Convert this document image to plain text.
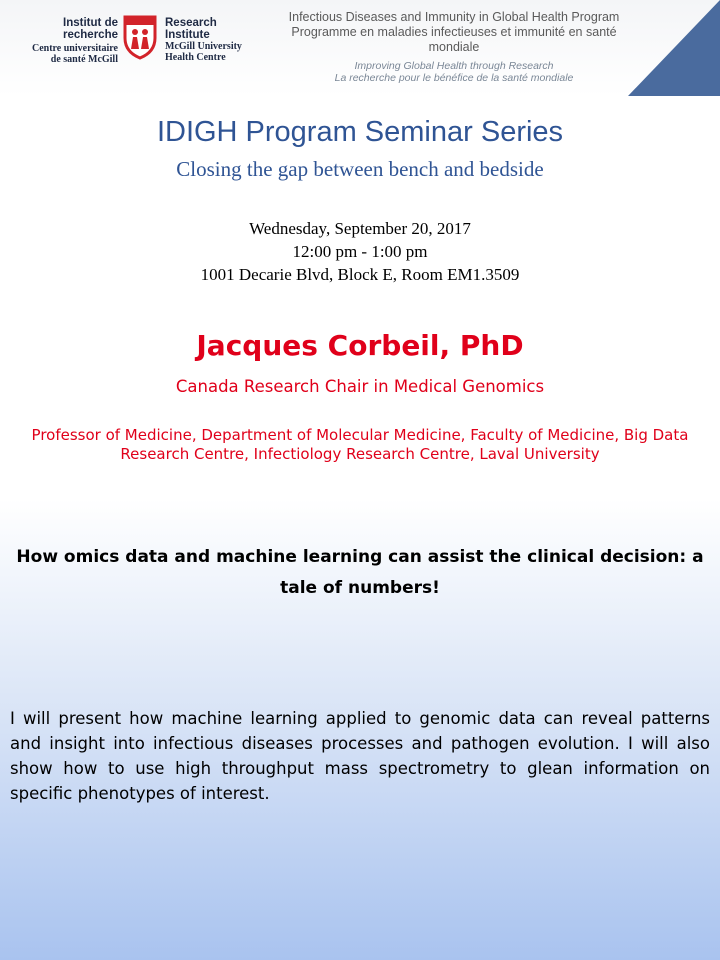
Institut de
recherche
Centre universitaire
de santé McGill
Research
Institute
McGill University
Health Centre
Infectious Diseases and Immunity in Global Health Program
Programme en maladies infectieuses et immunité en santé mondiale
Improving Global Health through Research
La recherche pour le bénéfice de la santé mondiale
IDIGH Program Seminar Series
Closing the gap between bench and bedside
Wednesday, September 20, 2017
12:00 pm - 1:00 pm
1001 Decarie Blvd, Block E, Room EM1.3509
Jacques Corbeil, PhD
Canada Research Chair in Medical Genomics
Professor of Medicine, Department of Molecular Medicine, Faculty of Medicine, Big Data Research Centre, Infectiology Research Centre, Laval University
How omics data and machine learning can assist the clinical decision: a tale of numbers!
I will present how machine learning applied to genomic data can reveal patterns and insight into infectious diseases processes and pathogen evolution. I will also show how to use high throughput mass spectrometry to glean information on specific phenotypes of interest.
